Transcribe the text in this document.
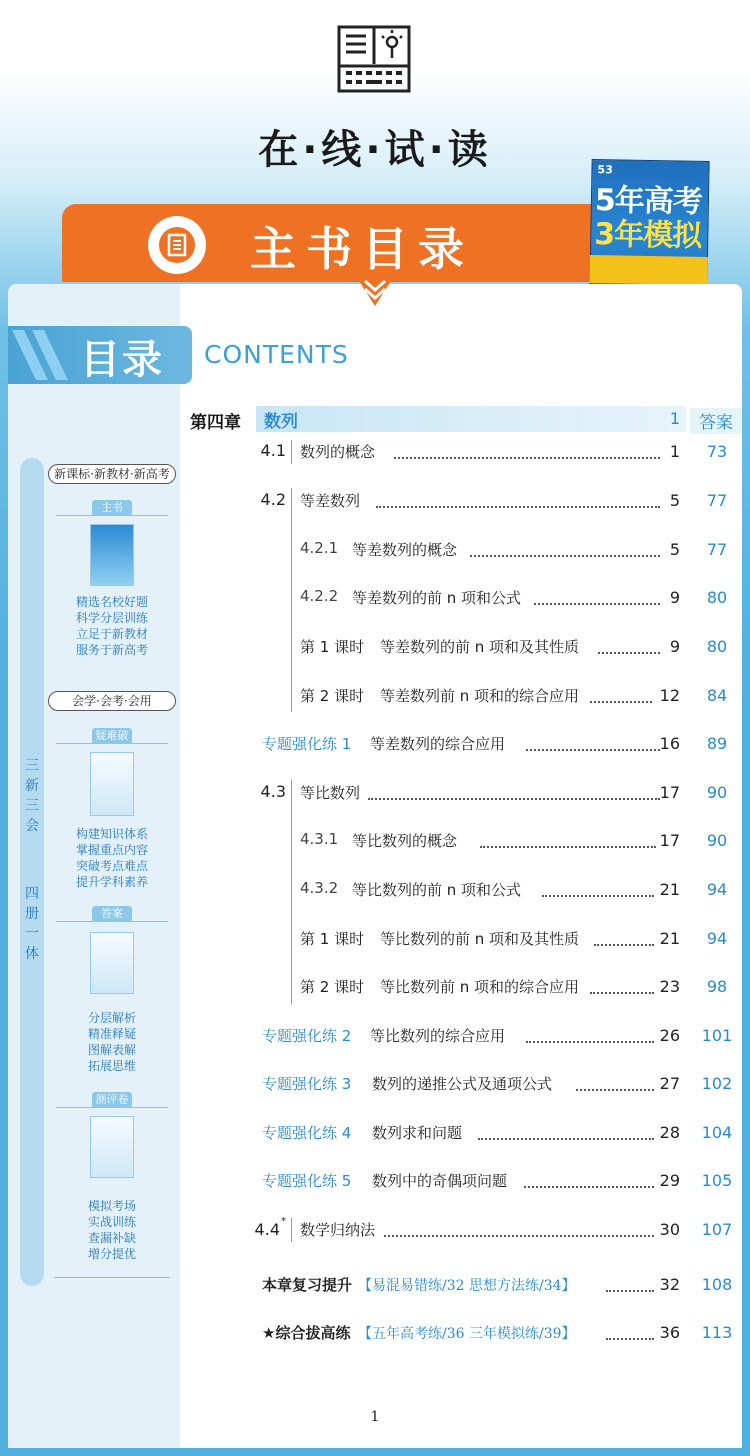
在·线·试·读
主书目录
53
5年高考
3年模拟
目录 CONTENTS
三
新
三
会
四
册
一
体
新课标·新教材·新高考
主书
精选名校好题
科学分层训练
立足于新教材
服务于新高考
会学·会考·会用
疑难破
构建知识体系
掌握重点内容
突破考点难点
提升学科素养
答案
分层解析
精准释疑
图解表解
拓展思维
测评卷
模拟考场
实战训练
查漏补缺
增分提优
第四章 数列	1	答案
4.1 数列的概念	1	73
4.2 等差数列	5	77
4.2.1 等差数列的概念	5	77
4.2.2 等差数列的前 n 项和公式	9	80
第 1 课时 等差数列的前 n 项和及其性质	9	80
第 2 课时 等差数列前 n 项和的综合应用	12	84
专题强化练 1 等差数列的综合应用	16	89
4.3 等比数列	17	90
4.3.1 等比数列的概念	17	90
4.3.2 等比数列的前 n 项和公式	21	94
第 1 课时 等比数列的前 n 项和及其性质	21	94
第 2 课时 等比数列前 n 项和的综合应用	23	98
专题强化练 2 等比数列的综合应用	26	101
专题强化练 3 数列的递推公式及通项公式	27	102
专题强化练 4 数列求和问题	28	104
专题强化练 5 数列中的奇偶项问题	29	105
4.4 * 数学归纳法	30	107
本章复习提升 【易混易错练/32 思想方法练/34】	32	108
★综合拔高练 【五年高考练/36 三年模拟练/39】	36	113
1
